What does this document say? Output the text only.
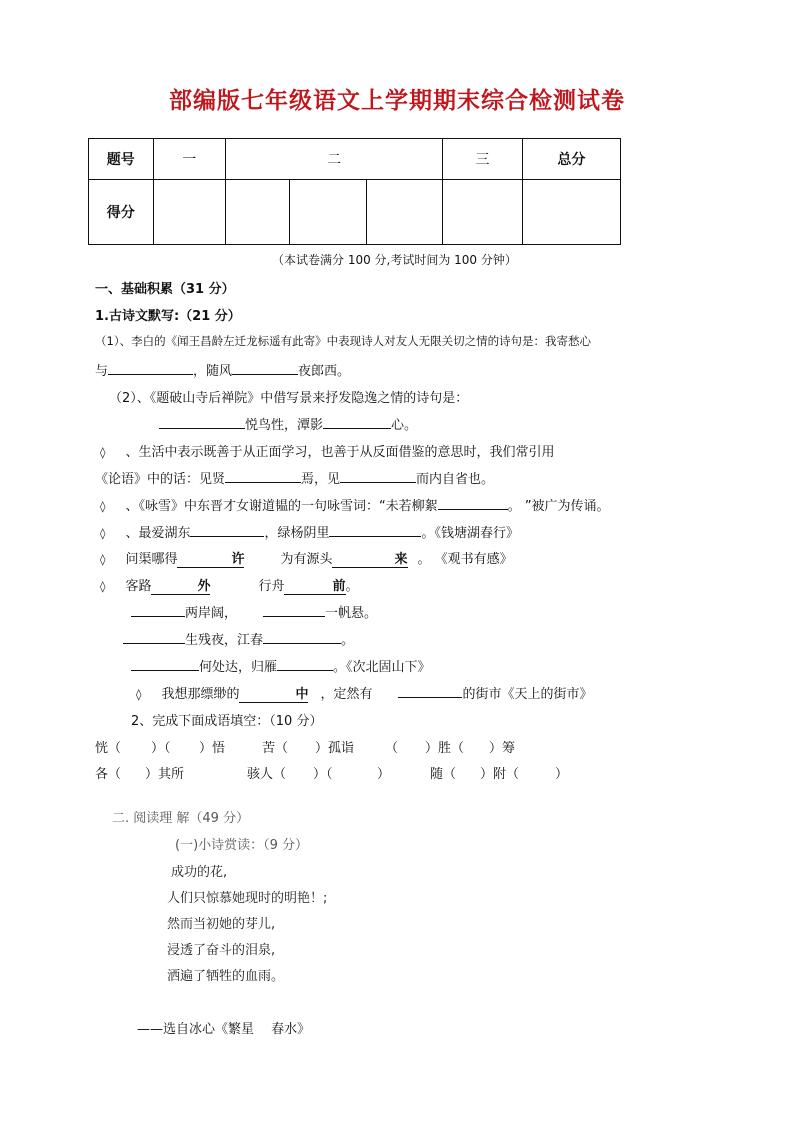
部编版七年级语文上学期期末综合检测试卷
题号	一	二			三	总分
得分						
（本试卷满分 100 分,考试时间为 100 分钟）
一、基础积累（31 分）
1.古诗文默写:（21 分）
（1）、李白的《闻王昌龄左迁龙标遥有此寄》中表现诗人对友人无限关切之情的诗句是：我寄愁心
与	，随风	夜郎西。
（2）、《题破山寺后禅院》中借写景来抒发隐逸之情的诗句是：
悦鸟性，潭影	心。
◊ 、生活中表示既善于从正面学习，也善于从反面借鉴的意思时，我们常引用
《论语》中的话：见贤	焉，见	而内自省也。
◊ 、《咏雪》中东晋才女谢道韫的一句咏雪词：“未若柳絮	。 ”被广为传诵。
◊ 、最爱湖东	，绿杨阴里	。《钱塘湖春行》
◊ 问渠哪得	许	为有源头	来 。 《观书有感》
◊ 客路	外	行舟	前。
两岸阔，	一帆悬。
生残夜，江春	。
何处达，归雁	。《次北固山下》
◊ 我想那缥缈的	中 ，定然有	的街市《天上的街市》
2、完成下面成语填空：（10 分）
恍（ ）（ ）悟	苦（ ）孤诣 （ ）胜（ ）筹
各（ ）其所	骇人（ ）（	）	随（ ）附（	）
二. 阅读理 解（49 分）
(一)小诗赏读：（9 分）
成功的花,
人们只惊慕她现时的明艳！;
然而当初她的芽儿,
浸透了奋斗的泪泉,
洒遍了牺牲的血雨。
——选自冰心《繁星　 春水》
